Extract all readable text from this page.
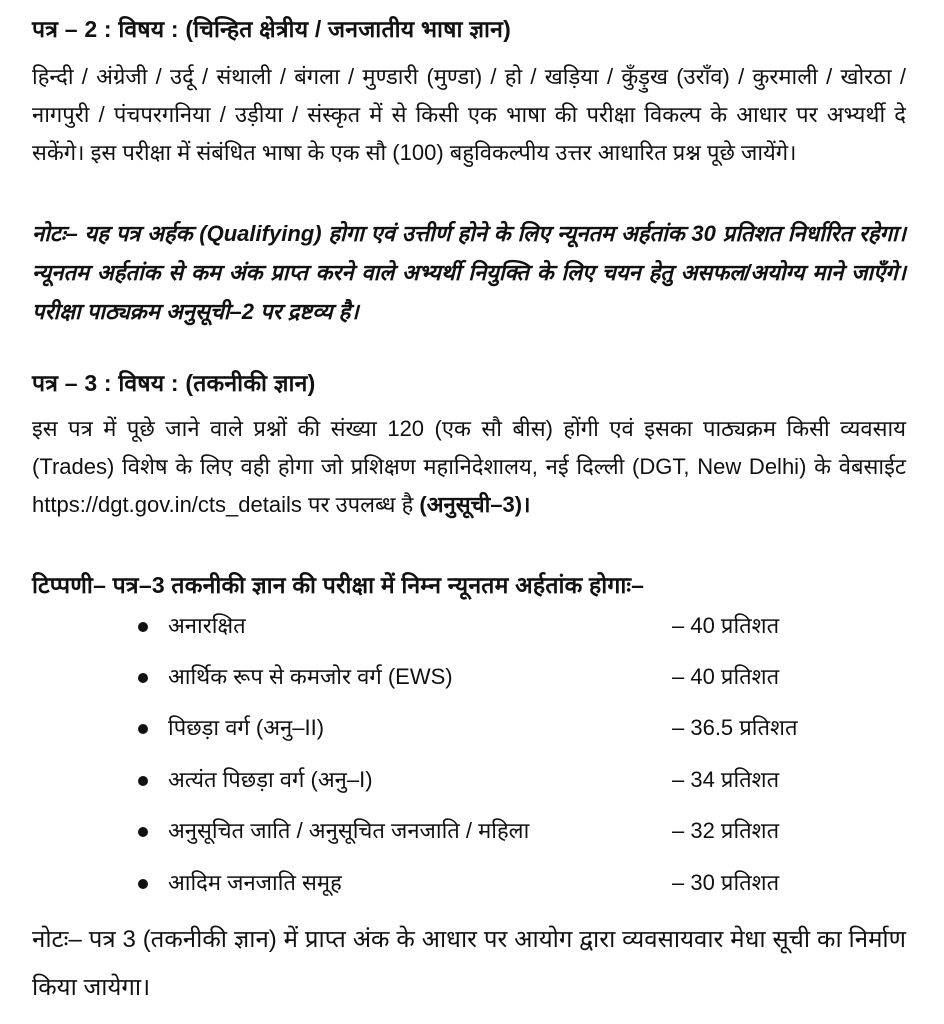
पत्र – 2 : विषय : (चिन्हित क्षेत्रीय / जनजातीय भाषा ज्ञान)
हिन्दी / अंग्रेजी / उर्दू / संथाली / बंगला / मुण्डारी (मुण्डा) / हो / खड़िया / कुँड़ुख (उराँव) / कुरमाली / खोरठा / नागपुरी / पंचपरगनिया / उड़ीया / संस्कृत में से किसी एक भाषा की परीक्षा विकल्प के आधार पर अभ्यर्थी दे सकेंगे। इस परीक्षा में संबंधित भाषा के एक सौ (100) बहुविकल्पीय उत्तर आधारित प्रश्न पूछे जायेंगे।
नोटः– यह पत्र अर्हक (Qualifying) होगा एवं उत्तीर्ण होने के लिए न्यूनतम अर्हतांक 30 प्रतिशत निर्धारित रहेगा। न्यूनतम अर्हतांक से कम अंक प्राप्त करने वाले अभ्यर्थी नियुक्ति के लिए चयन हेतु असफल/अयोग्य माने जाएँगे। परीक्षा पाठ्यक्रम अनुसूची–2 पर द्रष्टव्य है।
पत्र – 3 : विषय : (तकनीकी ज्ञान)
इस पत्र में पूछे जाने वाले प्रश्नों की संख्या 120 (एक सौ बीस) होंगी एवं इसका पाठ्यक्रम किसी व्यवसाय (Trades) विशेष के लिए वही होगा जो प्रशिक्षण महानिदेशालय, नई दिल्ली (DGT, New Delhi) के वेबसाईट https://dgt.gov.in/cts_details पर उपलब्ध है (अनुसूची–3)।
टिप्पणी– पत्र–3 तकनीकी ज्ञान की परीक्षा में निम्न न्यूनतम अर्हतांक होगाः–
अनारक्षित	– 40 प्रतिशत
आर्थिक रूप से कमजोर वर्ग (EWS)	– 40 प्रतिशत
पिछड़ा वर्ग (अनु–II)	– 36.5 प्रतिशत
अत्यंत पिछड़ा वर्ग (अनु–I)	– 34 प्रतिशत
अनुसूचित जाति / अनुसूचित जनजाति / महिला	– 32 प्रतिशत
आदिम जनजाति समूह	– 30 प्रतिशत
नोटः– पत्र 3 (तकनीकी ज्ञान) में प्राप्त अंक के आधार पर आयोग द्वारा व्यवसायवार मेधा सूची का निर्माण किया जायेगा।
